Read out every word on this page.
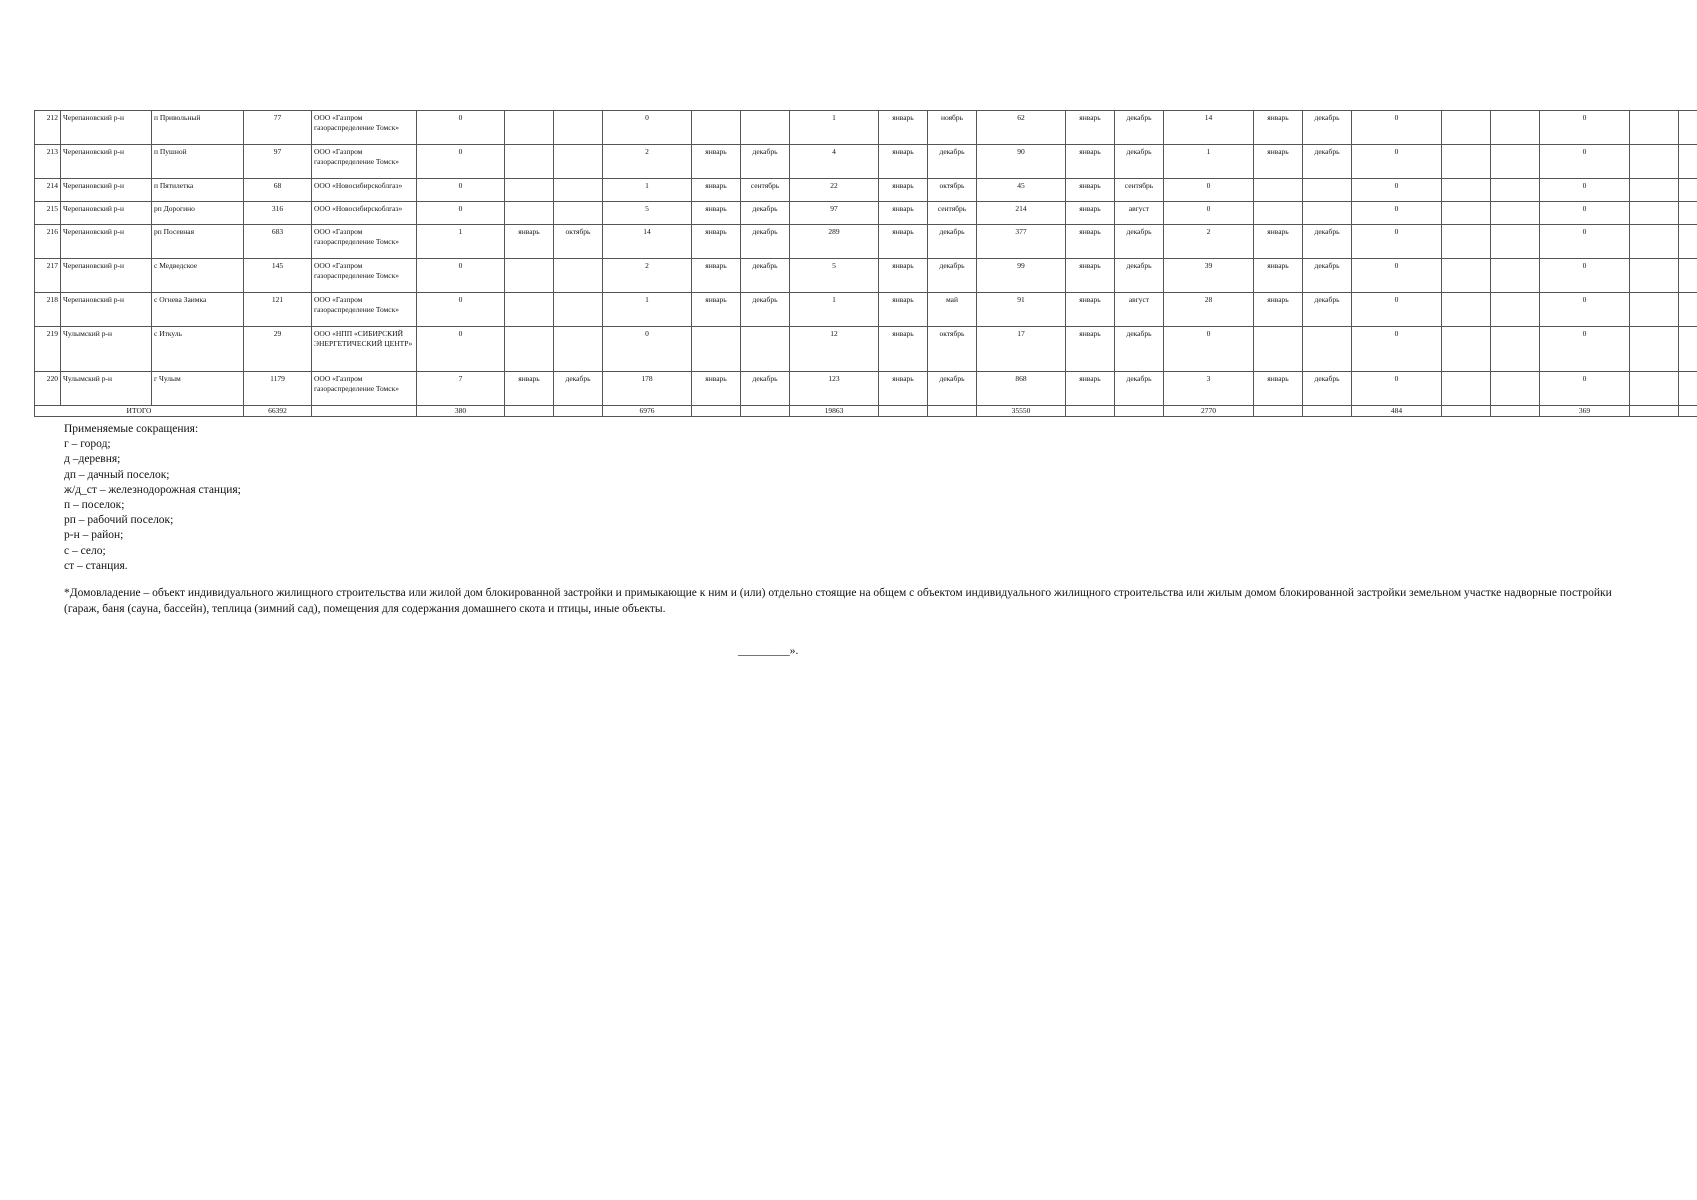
212	Черепановский р-н	п Привольный	77	ООО «Газпром газораспределение Томск»	0			0			1	январь	ноябрь	62	январь	декабрь	14	январь	декабрь	0			0		
213	Черепановский р-н	п Пушной	97	ООО «Газпром газораспределение Томск»	0			2	январь	декабрь	4	январь	декабрь	90	январь	декабрь	1	январь	декабрь	0			0		
214	Черепановский р-н	п Пятилетка	68	ООО «Новосибирскоблгаз»	0			1	январь	сентябрь	22	январь	октябрь	45	январь	сентябрь	0			0			0		
215	Черепановский р-н	рп Дорогино	316	ООО «Новосибирскоблгаз»	0			5	январь	декабрь	97	январь	сентябрь	214	январь	август	0			0			0		
216	Черепановский р-н	рп Посевная	683	ООО «Газпром газораспределение Томск»	1	январь	октябрь	14	январь	декабрь	289	январь	декабрь	377	январь	декабрь	2	январь	декабрь	0			0		
217	Черепановский р-н	с Медведское	145	ООО «Газпром газораспределение Томск»	0			2	январь	декабрь	5	январь	декабрь	99	январь	декабрь	39	январь	декабрь	0			0		
218	Черепановский р-н	с Огнева Заимка	121	ООО «Газпром газораспределение Томск»	0			1	январь	декабрь	1	январь	май	91	январь	август	28	январь	декабрь	0			0		
219	Чулымский р-н	с Иткуль	29	ООО «НПП «СИБИРСКИЙ ЭНЕРГЕТИЧЕСКИЙ ЦЕНТР»	0			0			12	январь	октябрь	17	январь	декабрь	0			0			0		
220	Чулымский р-н	г Чулым	1179	ООО «Газпром газораспределение Томск»	7	январь	декабрь	178	январь	декабрь	123	январь	декабрь	868	январь	декабрь	3	январь	декабрь	0			0		
ИТОГО			66392		380			6976			19863			35550			2770			484			369		
Применяемые сокращения:
г – город;
д –деревня;
дп – дачный поселок;
ж/д_ст – железнодорожная станция;
п – поселок;
рп – рабочий поселок;
р-н – район;
с – село;
ст – станция.
*Домовладение – объект индивидуального жилищного строительства или жилой дом блокированной застройки и примыкающие к ним и (или) отдельно стоящие на общем с объектом индивидуального жилищного строительства или жилым домом блокированной застройки земельном участке надворные постройки (гараж, баня (сауна, бассейн), теплица (зимний сад), помещения для содержания домашнего скота и птицы, иные объекты.
_________».
